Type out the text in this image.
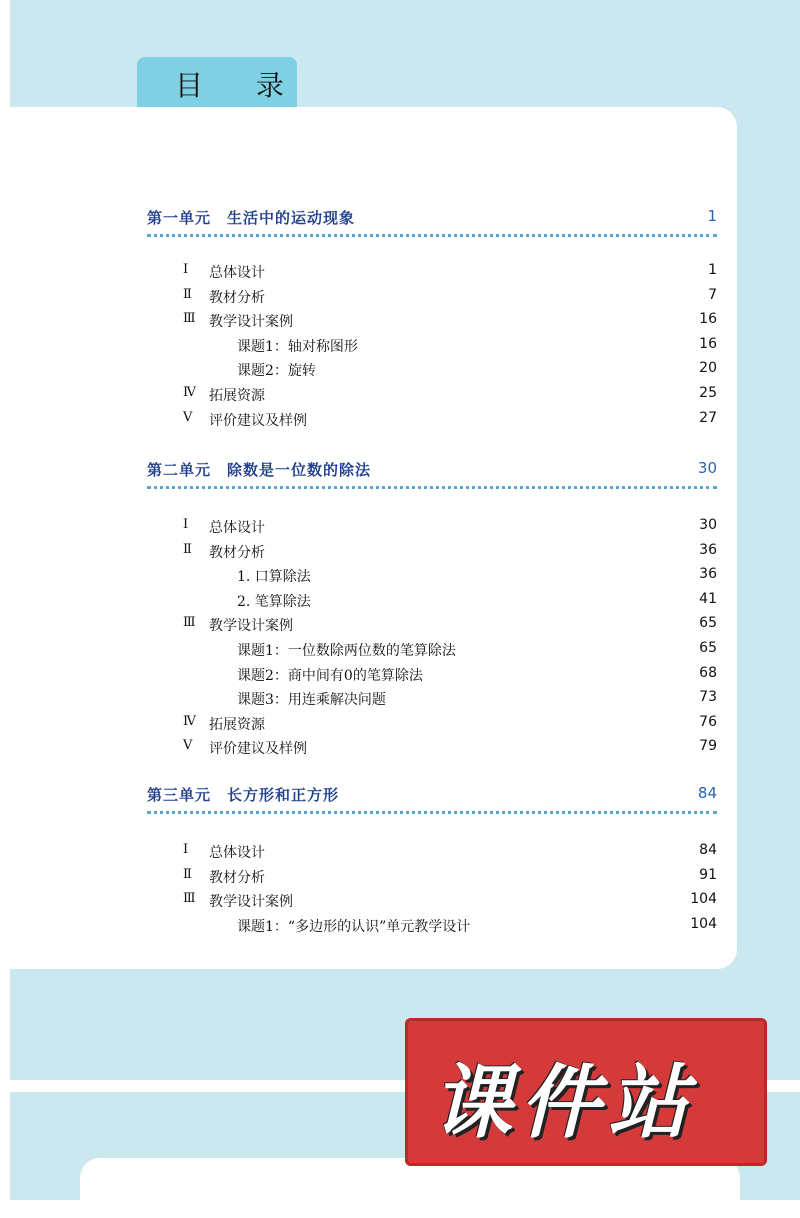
目 录
第一单元　生活中的运动现象	1
Ⅰ 总体设计	1
Ⅱ 教材分析	7
Ⅲ 教学设计案例	16
课题1：轴对称图形	16
课题2：旋转	20
Ⅳ 拓展资源	25
Ⅴ 评价建议及样例	27
第二单元　除数是一位数的除法	30
Ⅰ 总体设计	30
Ⅱ 教材分析	36
1. 口算除法	36
2. 笔算除法	41
Ⅲ 教学设计案例	65
课题1：一位数除两位数的笔算除法	65
课题2：商中间有0的笔算除法	68
课题3：用连乘解决问题	73
Ⅳ 拓展资源	76
Ⅴ 评价建议及样例	79
第三单元　长方形和正方形	84
Ⅰ 总体设计	84
Ⅱ 教材分析	91
Ⅲ 教学设计案例	104
课题1：“多边形的认识”单元教学设计	104
课件站
